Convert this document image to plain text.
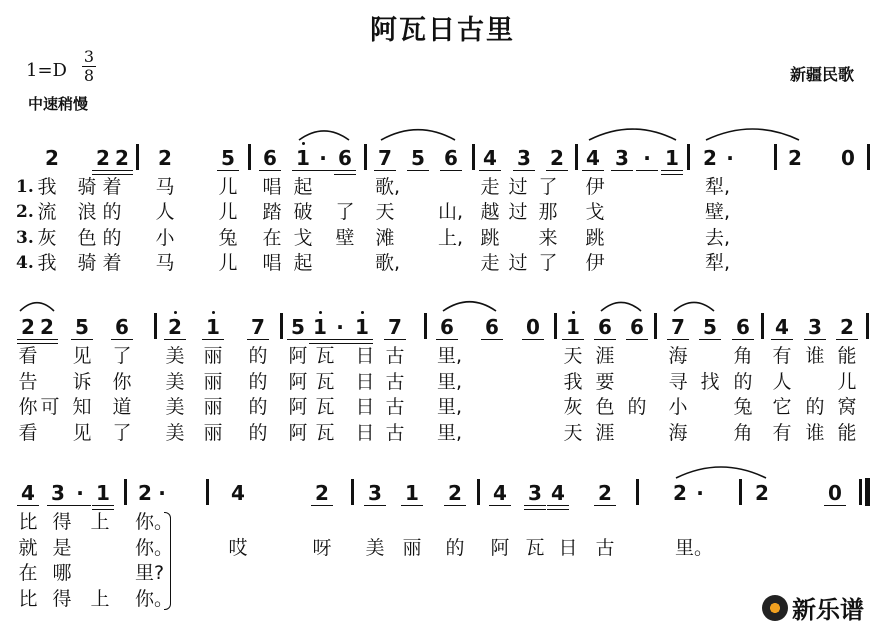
阿瓦日古里
1=D
3
8
中速稍慢
新疆民歌
2 2 2 2 5 6 1 · 6 7 5 6 4 3 2 4 3 · 1 2 ·	2 0
1. 我 骑 着 马 儿 唱 起	歌,	走 过 了 伊	犁,
2. 流 浪 的 人 儿 踏 破 了 天 山, 越 过 那 戈	壁,
3. 灰 色 的 小 兔 在 戈 壁 滩 上, 跳 来 跳	去,
4. 我 骑 着 马 儿 唱 起	歌,	走 过 了 伊	犁,
2 2 5 6 2 1 7 5 1 · 1 7 6 6 0 1 6 6 7 5 6 4 3 2
看 见 了 美 丽 的 阿 瓦 日 古 里,	天 涯	海 角 有 谁 能
告 诉 你 美 丽 的 阿 瓦 日 古 里,	我 要	寻 找 的 人 儿
你 可 知 道 美 丽 的 阿 瓦 日 古 里,	灰 色 的 小 兔 它 的 窝
看 见 了 美 丽 的 阿 瓦 日 古 里,	天 涯	海 角 有 谁 能
4 3 · 1 2 ·	4	2 3 1 2 4 3 4 2	2 ·	2	0
比 得 上 你。
就 是	你。
在 哪	里?
比 得 上 你。
哎	呀 美 丽 的 阿 瓦 日 古	里。
新乐谱
